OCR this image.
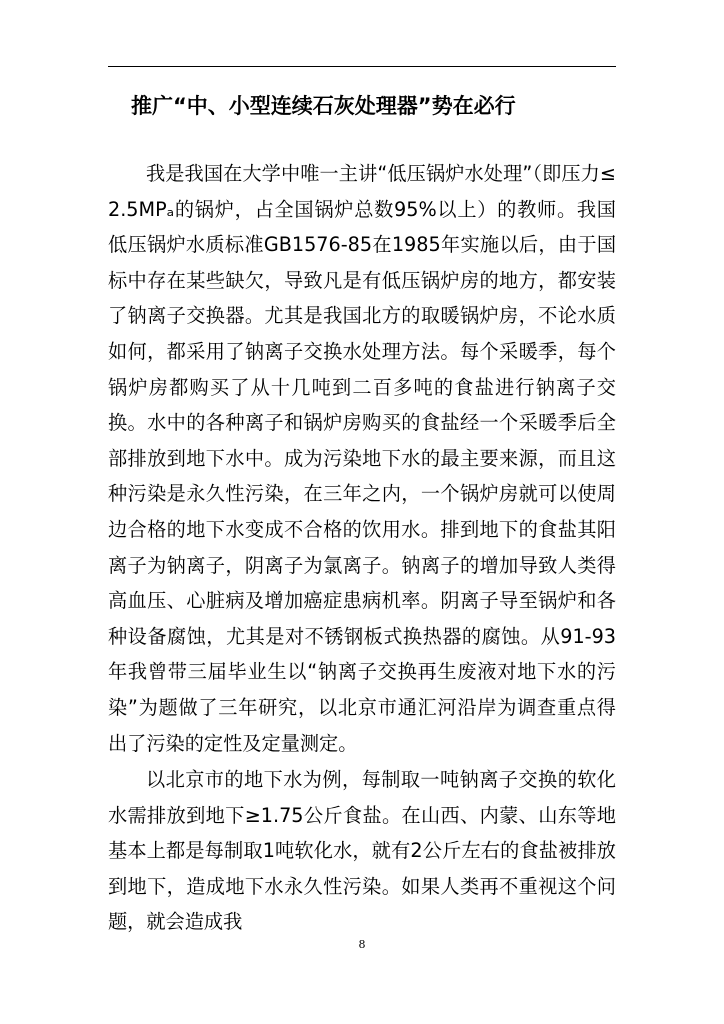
推广“中、小型连续石灰处理器”势在必行

我是我国在大学中唯一主讲“低压锅炉水处理”（即压力≤2.5MPₐ的锅炉，占全国锅炉总数95%以上）的教师。我国低压锅炉水质标准GB1576-85在1985年实施以后，由于国标中存在某些缺欠，导致凡是有低压锅炉房的地方，都安装了钠离子交换器。尤其是我国北方的取暖锅炉房，不论水质如何，都采用了钠离子交换水处理方法。每个采暖季，每个锅炉房都购买了从十几吨到二百多吨的食盐进行钠离子交换。水中的各种离子和锅炉房购买的食盐经一个采暖季后全部排放到地下水中。成为污染地下水的最主要来源，而且这种污染是永久性污染，在三年之内，一个锅炉房就可以使周边合格的地下水变成不合格的饮用水。排到地下的食盐其阳离子为钠离子，阴离子为氯离子。钠离子的增加导致人类得高血压、心脏病及增加癌症患病机率。阴离子导至锅炉和各种设备腐蚀，尤其是对不锈钢板式换热器的腐蚀。从91-93年我曾带三届毕业生以“钠离子交换再生废液对地下水的污染”为题做了三年研究，以北京市通汇河沿岸为调查重点得出了污染的定性及定量测定。

以北京市的地下水为例，每制取一吨钠离子交换的软化水需排放到地下≥1.75公斤食盐。在山西、内蒙、山东等地基本上都是每制取1吨软化水，就有2公斤左右的食盐被排放到地下，造成地下水永久性污染。如果人类再不重视这个问题，就会造成我

8
